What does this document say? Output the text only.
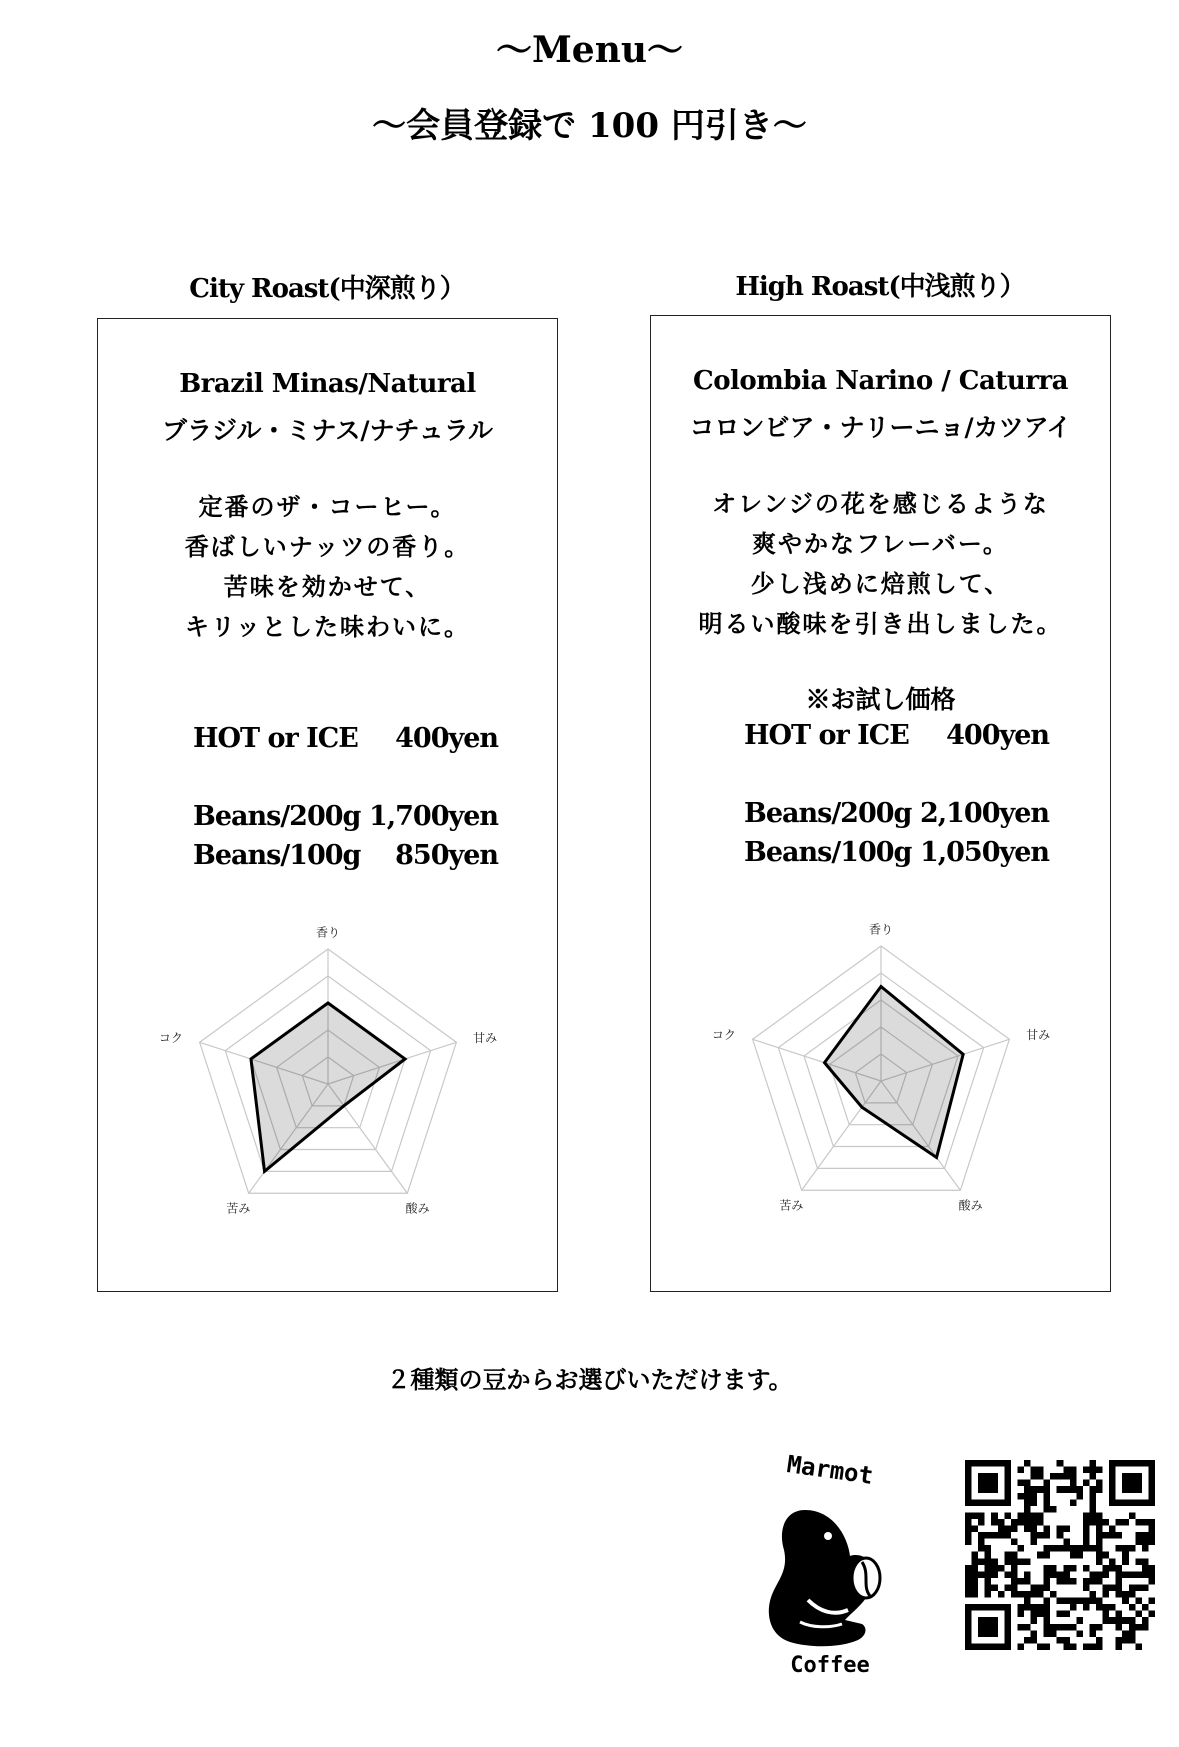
～Menu～
～会員登録で 100 円引き～
City Roast(中深煎り）
Brazil Minas/Natural
ブラジル・ミナス/ナチュラル
定番のザ・コーヒー。
香ばしいナッツの香り。
苦味を効かせて、
キリッとした味わいに。
HOT or ICE 400yen
Beans/200g 1,700yen
Beans/100g 850yen
香り
甘み
酸み
苦み
コク
High Roast(中浅煎り）
Colombia Narino / Caturra
コロンビア・ナリーニョ/カツアイ
オレンジの花を感じるような
爽やかなフレーバー。
少し浅めに焙煎して、
明るい酸味を引き出しました。
※お試し価格
HOT or ICE 400yen
Beans/200g 2,100yen
Beans/100g 1,050yen
香り
甘み
酸み
苦み
コク
２種類の豆からお選びいただけます。
Marmot
Coffee
